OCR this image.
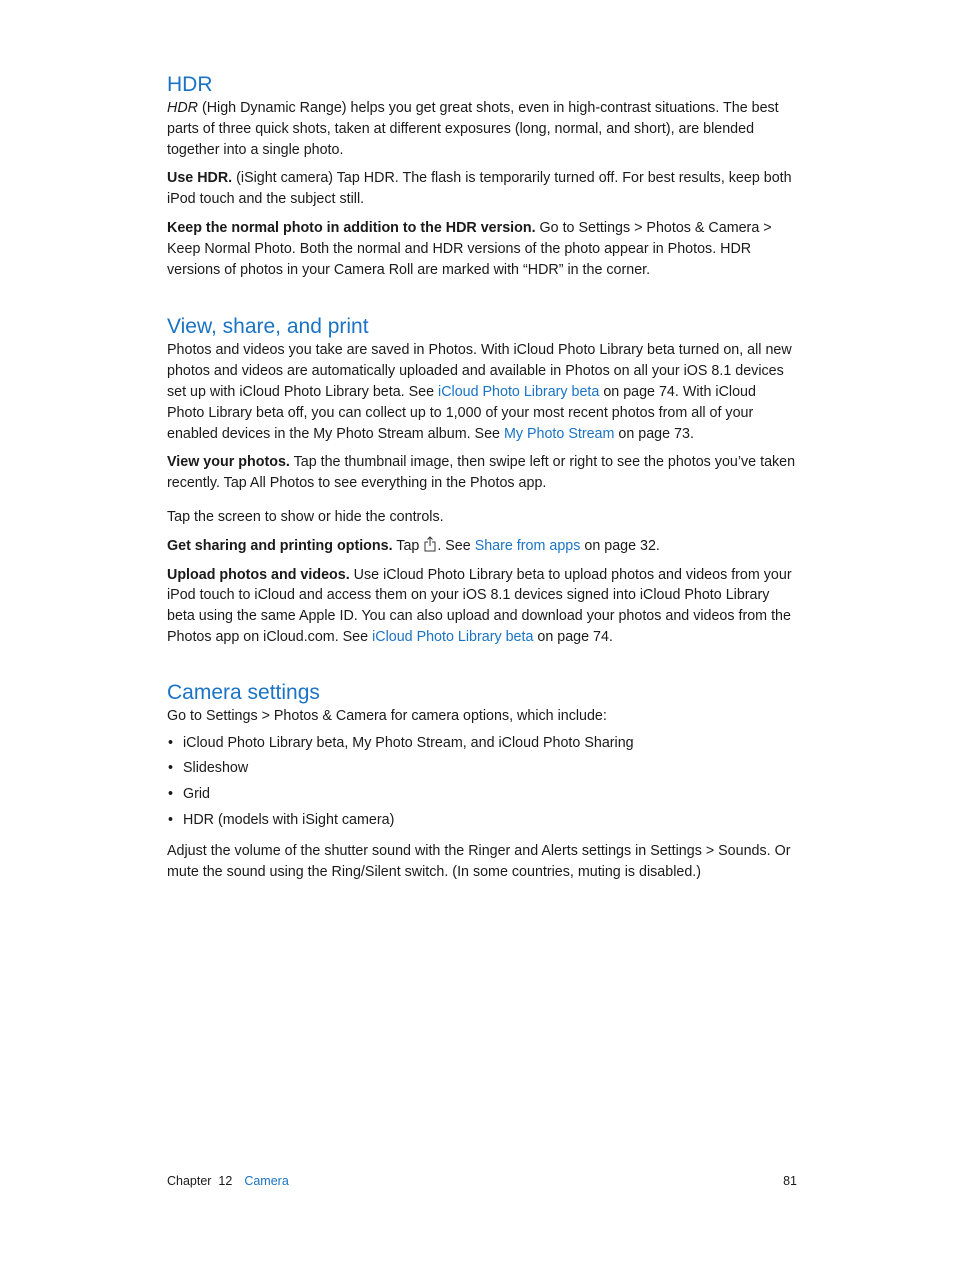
HDR

HDR (High Dynamic Range) helps you get great shots, even in high-contrast situations. The best parts of three quick shots, taken at different exposures (long, normal, and short), are blended together into a single photo.

Use HDR. (iSight camera) Tap HDR. The flash is temporarily turned off. For best results, keep both iPod touch and the subject still.

Keep the normal photo in addition to the HDR version. Go to Settings > Photos & Camera > Keep Normal Photo. Both the normal and HDR versions of the photo appear in Photos. HDR versions of photos in your Camera Roll are marked with “HDR” in the corner.

View, share, and print

Photos and videos you take are saved in Photos. With iCloud Photo Library beta turned on, all new photos and videos are automatically uploaded and available in Photos on all your iOS 8.1 devices set up with iCloud Photo Library beta. See iCloud Photo Library beta on page 74. With iCloud Photo Library beta off, you can collect up to 1,000 of your most recent photos from all of your enabled devices in the My Photo Stream album. See My Photo Stream on page 73.

View your photos. Tap the thumbnail image, then swipe left or right to see the photos you’ve taken recently. Tap All Photos to see everything in the Photos app.

Tap the screen to show or hide the controls.

Get sharing and printing options. Tap . See Share from apps on page 32.

Upload photos and videos. Use iCloud Photo Library beta to upload photos and videos from your iPod touch to iCloud and access them on your iOS 8.1 devices signed into iCloud Photo Library beta using the same Apple ID. You can also upload and download your photos and videos from the Photos app on iCloud.com. See iCloud Photo Library beta on page 74.

Camera settings

Go to Settings > Photos & Camera for camera options, which include:

• iCloud Photo Library beta, My Photo Stream, and iCloud Photo Sharing
• Slideshow
• Grid
• HDR (models with iSight camera)

Adjust the volume of the shutter sound with the Ringer and Alerts settings in Settings > Sounds. Or mute the sound using the Ring/Silent switch. (In some countries, muting is disabled.)

Chapter  12 Camera	81
